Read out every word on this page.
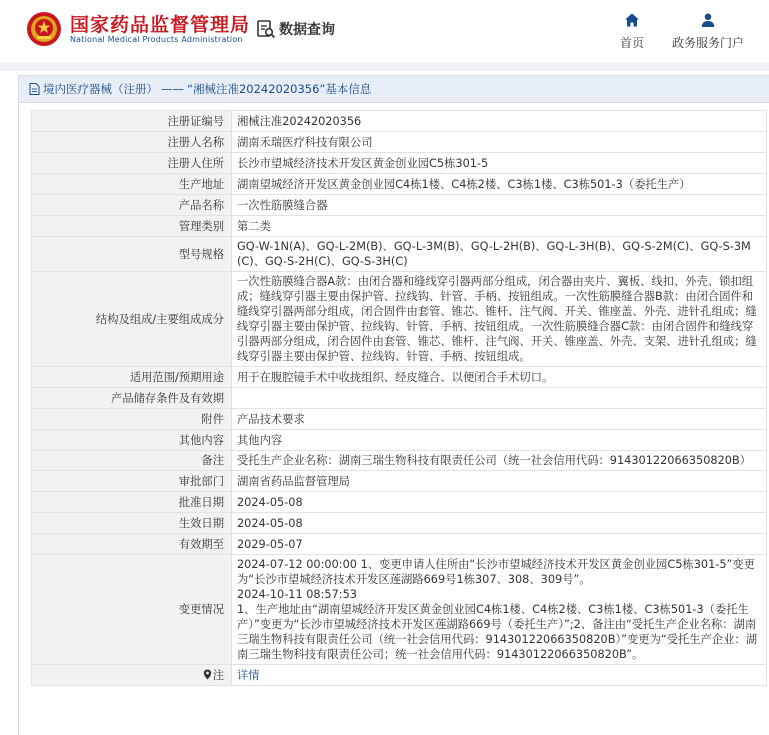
国家药品监督管理局
National Medical Products Administration
数据查询
首页 政务服务门户
境内医疗器械（注册） —— “湘械注准20242020356”基本信息
注册证编号	湘械注准20242020356
注册人名称	湖南禾瑞医疗科技有限公司
注册人住所	长沙市望城经济技术开发区黄金创业园C5栋301-5
生产地址	湖南望城经济开发区黄金创业园C4栋1楼、C4栋2楼、C3栋1楼、C3栋501-3（委托生产）
产品名称	一次性筋膜缝合器
管理类别	第二类
型号规格	GQ-W-1N(A)、GQ-L-2M(B)、GQ-L-3M(B)、GQ-L-2H(B)、GQ-L-3H(B)、GQ-S-2M(C)、GQ-S-3M(C)、GQ-S-2H(C)、GQ-S-3H(C)
结构及组成/主要组成成分	一次性筋膜缝合器A款：由闭合器和缝线穿引器两部分组成，闭合器由夹片、翼板、线扣、外壳、锁扣组成；缝线穿引器主要由保护管、拉线钩、针管、手柄、按钮组成。一次性筋膜缝合器B款：由闭合固件和缝线穿引器两部分组成，闭合固件由套管、锥芯、锥杆、注气阀、开关、锥座盖、外壳、进针孔组成；缝线穿引器主要由保护管、拉线钩、针管、手柄、按钮组成。一次性筋膜缝合器C款：由闭合固件和缝线穿引器两部分组成，闭合固件由套管、锥芯、锥杆、注气阀、开关、锥座盖、外壳、支架、进针孔组成；缝线穿引器主要由保护管、拉线钩、针管、手柄、按钮组成。
适用范围/预期用途	用于在腹腔镜手术中收拢组织、经皮缝合、以便闭合手术切口。
产品储存条件及有效期	
附件	产品技术要求
其他内容	其他内容
备注	受托生产企业名称：湖南三瑞生物科技有限责任公司（统一社会信用代码：91430122066350820B）
审批部门	湖南省药品监督管理局
批准日期	2024-05-08
生效日期	2024-05-08
有效期至	2029-05-07
变更情况	2024-07-12 00:00:00 1、变更申请人住所由“长沙市望城经济技术开发区黄金创业园C5栋301-5”变更为“长沙市望城经济技术开发区莲湖路669号1栋307、308、309号”。
2024-10-11 08:57:53
1、生产地址由“湖南望城经济开发区黄金创业园C4栋1楼、C4栋2楼、C3栋1楼、C3栋501-3（委托生产）”变更为“长沙市望城经济技术开发区莲湖路669号（委托生产）”;2、备注由“受托生产企业名称：湖南三瑞生物科技有限责任公司（统一社会信用代码：91430122066350820B）”变更为“受托生产企业：湖南三瑞生物科技有限责任公司；统一社会信用代码：91430122066350820B”。

注	详情
